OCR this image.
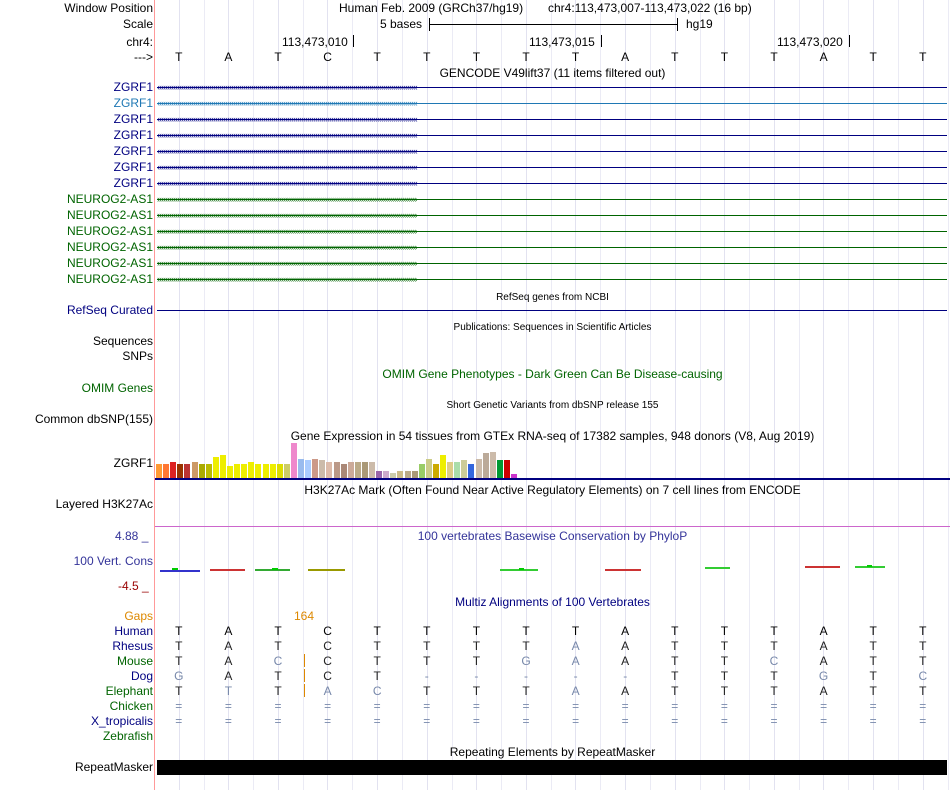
Window Position	Human Feb. 2009 (GRCh37/hg19) chr4:113,473,007-113,473,022 (16 bp)
Scale	5 bases	hg19
chr4:	113,473,010	113,473,015	113,473,020
--->	T	A	T	C	T	T	T	T	T	A	T	T	T	A	T	T
GENCODE V49lift37 (11 items filtered out)
ZGRF1 ‹‹‹‹‹‹‹‹‹‹‹‹‹‹‹‹‹‹‹‹‹‹‹‹‹‹‹‹‹‹‹‹‹‹‹‹‹‹‹‹‹‹‹‹‹‹‹‹‹‹‹‹‹‹‹‹‹‹‹‹‹‹‹‹‹‹‹‹‹‹‹‹‹‹‹‹‹‹‹‹‹‹‹‹‹‹‹‹‹‹‹‹‹‹‹‹‹‹‹‹‹‹‹‹‹‹‹‹‹‹‹‹‹‹‹‹‹‹‹‹‹‹‹‹‹‹‹‹‹‹
ZGRF1 ‹‹‹‹‹‹‹‹‹‹‹‹‹‹‹‹‹‹‹‹‹‹‹‹‹‹‹‹‹‹‹‹‹‹‹‹‹‹‹‹‹‹‹‹‹‹‹‹‹‹‹‹‹‹‹‹‹‹‹‹‹‹‹‹‹‹‹‹‹‹‹‹‹‹‹‹‹‹‹‹‹‹‹‹‹‹‹‹‹‹‹‹‹‹‹‹‹‹‹‹‹‹‹‹‹‹‹‹‹‹‹‹‹‹‹‹‹‹‹‹‹‹‹‹‹‹‹‹‹‹
ZGRF1 ‹‹‹‹‹‹‹‹‹‹‹‹‹‹‹‹‹‹‹‹‹‹‹‹‹‹‹‹‹‹‹‹‹‹‹‹‹‹‹‹‹‹‹‹‹‹‹‹‹‹‹‹‹‹‹‹‹‹‹‹‹‹‹‹‹‹‹‹‹‹‹‹‹‹‹‹‹‹‹‹‹‹‹‹‹‹‹‹‹‹‹‹‹‹‹‹‹‹‹‹‹‹‹‹‹‹‹‹‹‹‹‹‹‹‹‹‹‹‹‹‹‹‹‹‹‹‹‹‹‹
ZGRF1 ‹‹‹‹‹‹‹‹‹‹‹‹‹‹‹‹‹‹‹‹‹‹‹‹‹‹‹‹‹‹‹‹‹‹‹‹‹‹‹‹‹‹‹‹‹‹‹‹‹‹‹‹‹‹‹‹‹‹‹‹‹‹‹‹‹‹‹‹‹‹‹‹‹‹‹‹‹‹‹‹‹‹‹‹‹‹‹‹‹‹‹‹‹‹‹‹‹‹‹‹‹‹‹‹‹‹‹‹‹‹‹‹‹‹‹‹‹‹‹‹‹‹‹‹‹‹‹‹‹‹
ZGRF1 ‹‹‹‹‹‹‹‹‹‹‹‹‹‹‹‹‹‹‹‹‹‹‹‹‹‹‹‹‹‹‹‹‹‹‹‹‹‹‹‹‹‹‹‹‹‹‹‹‹‹‹‹‹‹‹‹‹‹‹‹‹‹‹‹‹‹‹‹‹‹‹‹‹‹‹‹‹‹‹‹‹‹‹‹‹‹‹‹‹‹‹‹‹‹‹‹‹‹‹‹‹‹‹‹‹‹‹‹‹‹‹‹‹‹‹‹‹‹‹‹‹‹‹‹‹‹‹‹‹‹
ZGRF1 ‹‹‹‹‹‹‹‹‹‹‹‹‹‹‹‹‹‹‹‹‹‹‹‹‹‹‹‹‹‹‹‹‹‹‹‹‹‹‹‹‹‹‹‹‹‹‹‹‹‹‹‹‹‹‹‹‹‹‹‹‹‹‹‹‹‹‹‹‹‹‹‹‹‹‹‹‹‹‹‹‹‹‹‹‹‹‹‹‹‹‹‹‹‹‹‹‹‹‹‹‹‹‹‹‹‹‹‹‹‹‹‹‹‹‹‹‹‹‹‹‹‹‹‹‹‹‹‹‹‹
ZGRF1 ‹‹‹‹‹‹‹‹‹‹‹‹‹‹‹‹‹‹‹‹‹‹‹‹‹‹‹‹‹‹‹‹‹‹‹‹‹‹‹‹‹‹‹‹‹‹‹‹‹‹‹‹‹‹‹‹‹‹‹‹‹‹‹‹‹‹‹‹‹‹‹‹‹‹‹‹‹‹‹‹‹‹‹‹‹‹‹‹‹‹‹‹‹‹‹‹‹‹‹‹‹‹‹‹‹‹‹‹‹‹‹‹‹‹‹‹‹‹‹‹‹‹‹‹‹‹‹‹‹‹
NEUROG2-AS1 ››››››››››››››››››››››››››››››››››››››››››››››››››››››››››››››››››››››››››››››››››››››››››››››››››››››››››››››››››››››››››››››››››
NEUROG2-AS1 ››››››››››››››››››››››››››››››››››››››››››››››››››››››››››››››››››››››››››››››››››››››››››››››››››››››››››››››››››››››››››››››››››
NEUROG2-AS1 ››››››››››››››››››››››››››››››››››››››››››››››››››››››››››››››››››››››››››››››››››››››››››››››››››››››››››››››››››››››››››››››››››
NEUROG2-AS1 ››››››››››››››››››››››››››››››››››››››››››››››››››››››››››››››››››››››››››››››››››››››››››››››››››››››››››››››››››››››››››››››››››
NEUROG2-AS1 ››››››››››››››››››››››››››››››››››››››››››››››››››››››››››››››››››››››››››››››››››››››››››››››››››››››››››››››››››››››››››››››››››
NEUROG2-AS1 ››››››››››››››››››››››››››››››››››››››››››››››››››››››››››››››››››››››››››››››››››››››››››››››››››››››››››››››››››››››››››››››››››
RefSeq genes from NCBI
RefSeq Curated
Publications: Sequences in Scientific Articles
Sequences
SNPs
OMIM Gene Phenotypes - Dark Green Can Be Disease-causing
OMIM Genes
Short Genetic Variants from dbSNP release 155
Common dbSNP(155)
Gene Expression in 54 tissues from GTEx RNA-seq of 17382 samples, 948 donors (V8, Aug 2019)
ZGRF1
H3K27Ac Mark (Often Found Near Active Regulatory Elements) on 7 cell lines from ENCODE
Layered H3K27Ac
100 vertebrates Basewise Conservation by PhyloP
4.88 _
100 Vert. Cons
-4.5 _
Multiz Alignments of 100 Vertebrates
Gaps	164
Human	T	A	T	C	T	T	T	T	T	A	T	T	T	A	T	T
Rhesus	T	A	T	C	T	T	T	T	A	A	T	T	T	A	T	T
Mouse	T	A	C	C	T	T	T	G	A	A	T	T	C	A	T	T
Dog	G	A	T	C	T	-	-	-	-	-	T	T	T	G	T	C
Elephant	T	T	T	A	C	T	T	T	A	A	T	T	T	A	T	T
Chicken	=	=	=	=	=	=	=	=	=	=	=	=	=	=	=	=
X_tropicalis	=	=	=	=	=	=	=	=	=	=	=	=	=	=	=	=
Zebrafish
Repeating Elements by RepeatMasker
RepeatMasker
